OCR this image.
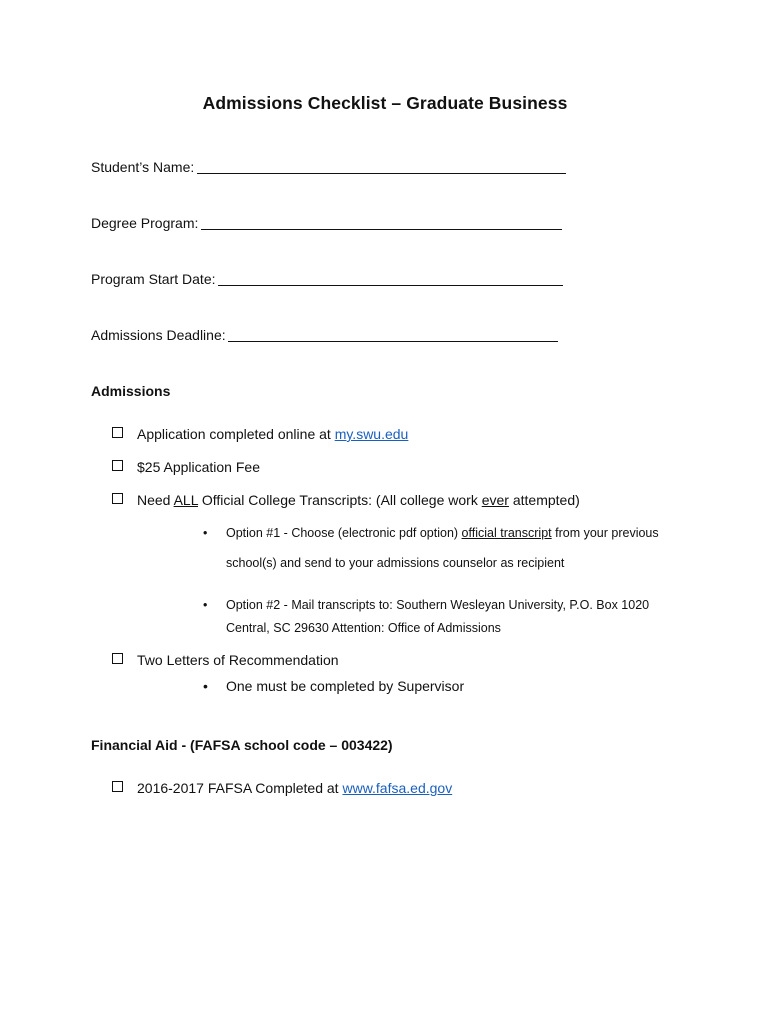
Admissions Checklist – Graduate Business
Student’s Name:
Degree Program:
Program Start Date:
Admissions Deadline:
Admissions
Application completed online at my.swu.edu
$25 Application Fee
Need ALL Official College Transcripts: (All college work ever attempted)
• Option #1 - Choose (electronic pdf option) official transcript from your previous
school(s) and send to your admissions counselor as recipient
• Option #2 - Mail transcripts to: Southern Wesleyan University, P.O. Box 1020
Central, SC 29630 Attention: Office of Admissions
Two Letters of Recommendation
• One must be completed by Supervisor
Financial Aid - (FAFSA school code – 003422)
2016-2017 FAFSA Completed at www.fafsa.ed.gov
